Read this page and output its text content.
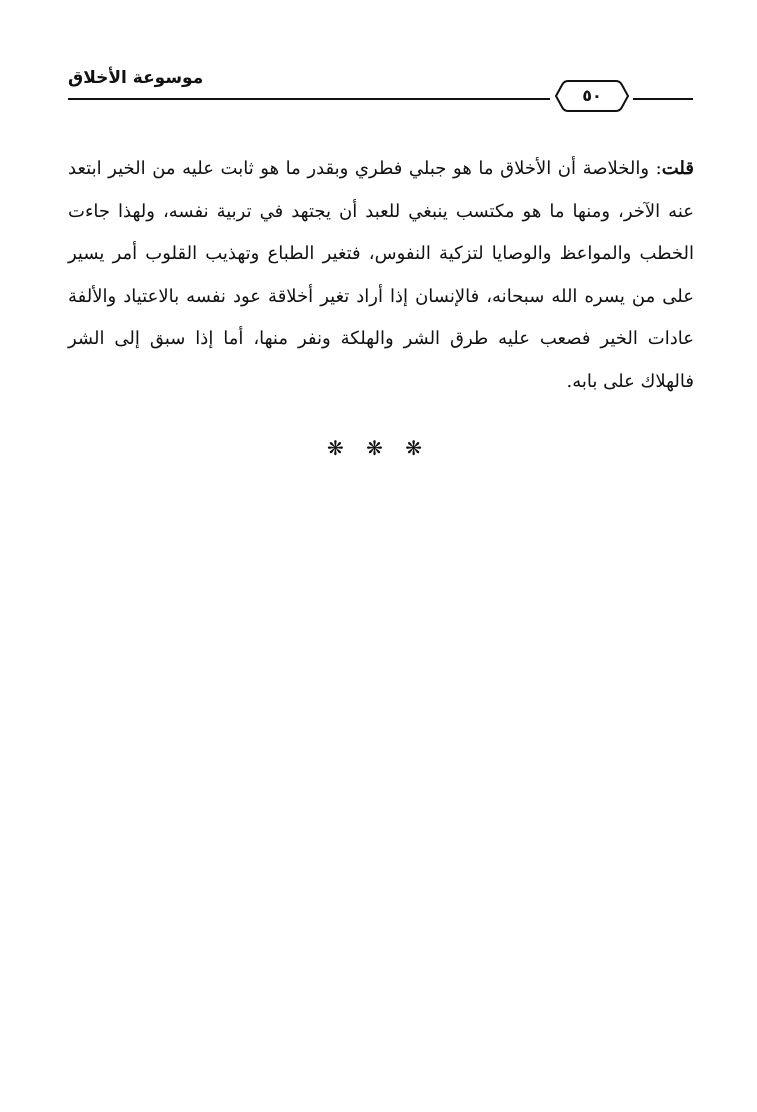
موسوعة الأخلاق
٥٠
قلت: والخلاصة أن الأخلاق ما هو جبلي فطري وبقدر ما هو ثابت عليه من الخير ابتعد عنه الآخر، ومنها ما هو مكتسب ينبغي للعبد أن يجتهد في تربية نفسه، ولهذا جاءت الخطب والمواعظ والوصايا لتزكية النفوس، فتغير الطباع وتهذيب القلوب أمر يسير على من يسره الله سبحانه، فالإنسان إذا أراد تغير أخلاقة عود نفسه بالاعتياد والألفة عادات الخير فصعب عليه طرق الشر والهلكة ونفر منها، أما إذا سبق إلى الشر فالهلاك على بابه.
❋ ❋ ❋
